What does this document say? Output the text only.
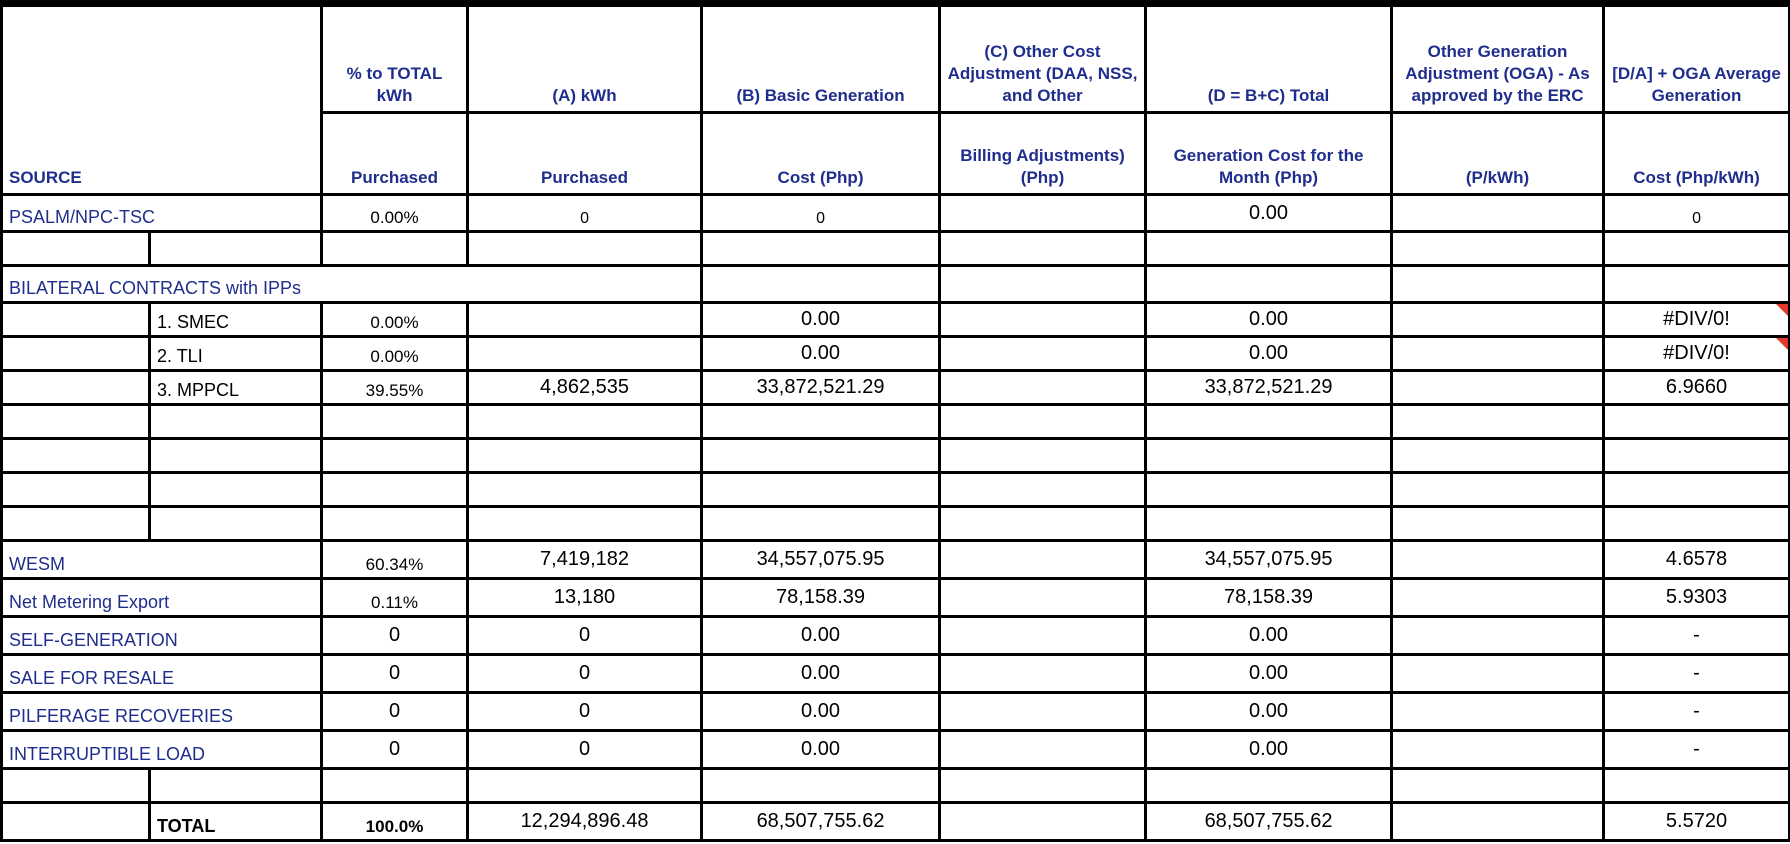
SOURCE		% to TOTAL kWh	(A) kWh	(B) Basic Generation	(C) Other Cost Adjustment (DAA, NSS, and Other	(D = B+C) Total	Other Generation Adjustment (OGA) - As approved by the ERC	[D/A] + OGA Average Generation
		Purchased	Purchased	Cost (Php)	Billing Adjustments) (Php)	Generation Cost for the Month (Php)	(P/kWh)	Cost (Php/kWh)
PSALM/NPC-TSC		0.00%	0	0		0.00		0

BILATERAL CONTRACTS with IPPs								
	1. SMEC	0.00%		0.00		0.00		#DIV/0!

	2. TLI	0.00%		0.00		0.00		#DIV/0!

	3. MPPCL	39.55%	4,862,535	33,872,521.29		33,872,521.29		6.9660

WESM		60.34%	7,419,182	34,557,075.95		34,557,075.95		4.6578
Net Metering Export		0.11%	13,180	78,158.39		78,158.39		5.9303
SELF-GENERATION		0	0	0.00		0.00		-
SALE FOR RESALE		0	0	0.00		0.00		-
PILFERAGE RECOVERIES		0	0	0.00		0.00		-
INTERRUPTIBLE LOAD		0	0	0.00		0.00		-

	TOTAL	100.0%	12,294,896.48	68,507,755.62		68,507,755.62		5.5720
